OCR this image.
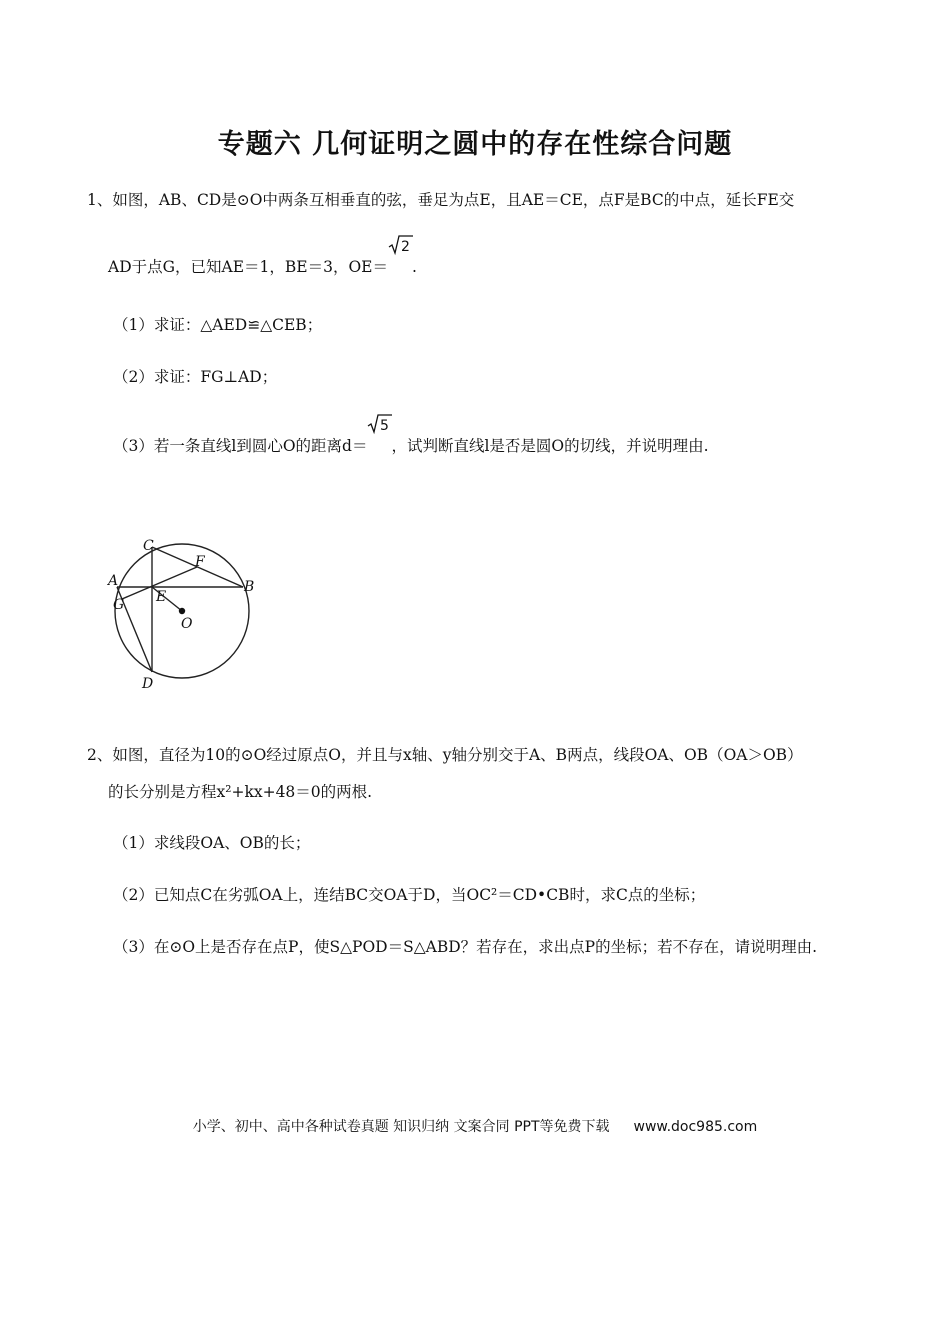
专题六 几何证明之圆中的存在性综合问题
1、如图，AB、CD是⊙O中两条互相垂直的弦，垂足为点E，且AE＝CE，点F是BC的中点，延长FE交
AD于点G，已知AE＝1，BE＝3，OE＝
2
.
（1）求证：△AED≌△CEB；
（2）求证：FG⊥AD；
（3）若一条直线l到圆心O的距离d＝
5
，试判断直线l是否是圆O的切线，并说明理由.
C
F
A	B
G E
O
D
2、如图，直径为10的⊙O经过原点O，并且与x轴、y轴分别交于A、B两点，线段OA、OB（OA＞OB）
的长分别是方程x²+kx+48＝0的两根.
（1）求线段OA、OB的长；
（2）已知点C在劣弧OA上，连结BC交OA于D，当OC²＝CD•CB时，求C点的坐标；
（3）在⊙O上是否存在点P，使S△POD＝S△ABD？若存在，求出点P的坐标；若不存在，请说明理由.
小学、初中、高中各种试卷真题 知识归纳 文案合同 PPT等免费下载 www.doc985.com
